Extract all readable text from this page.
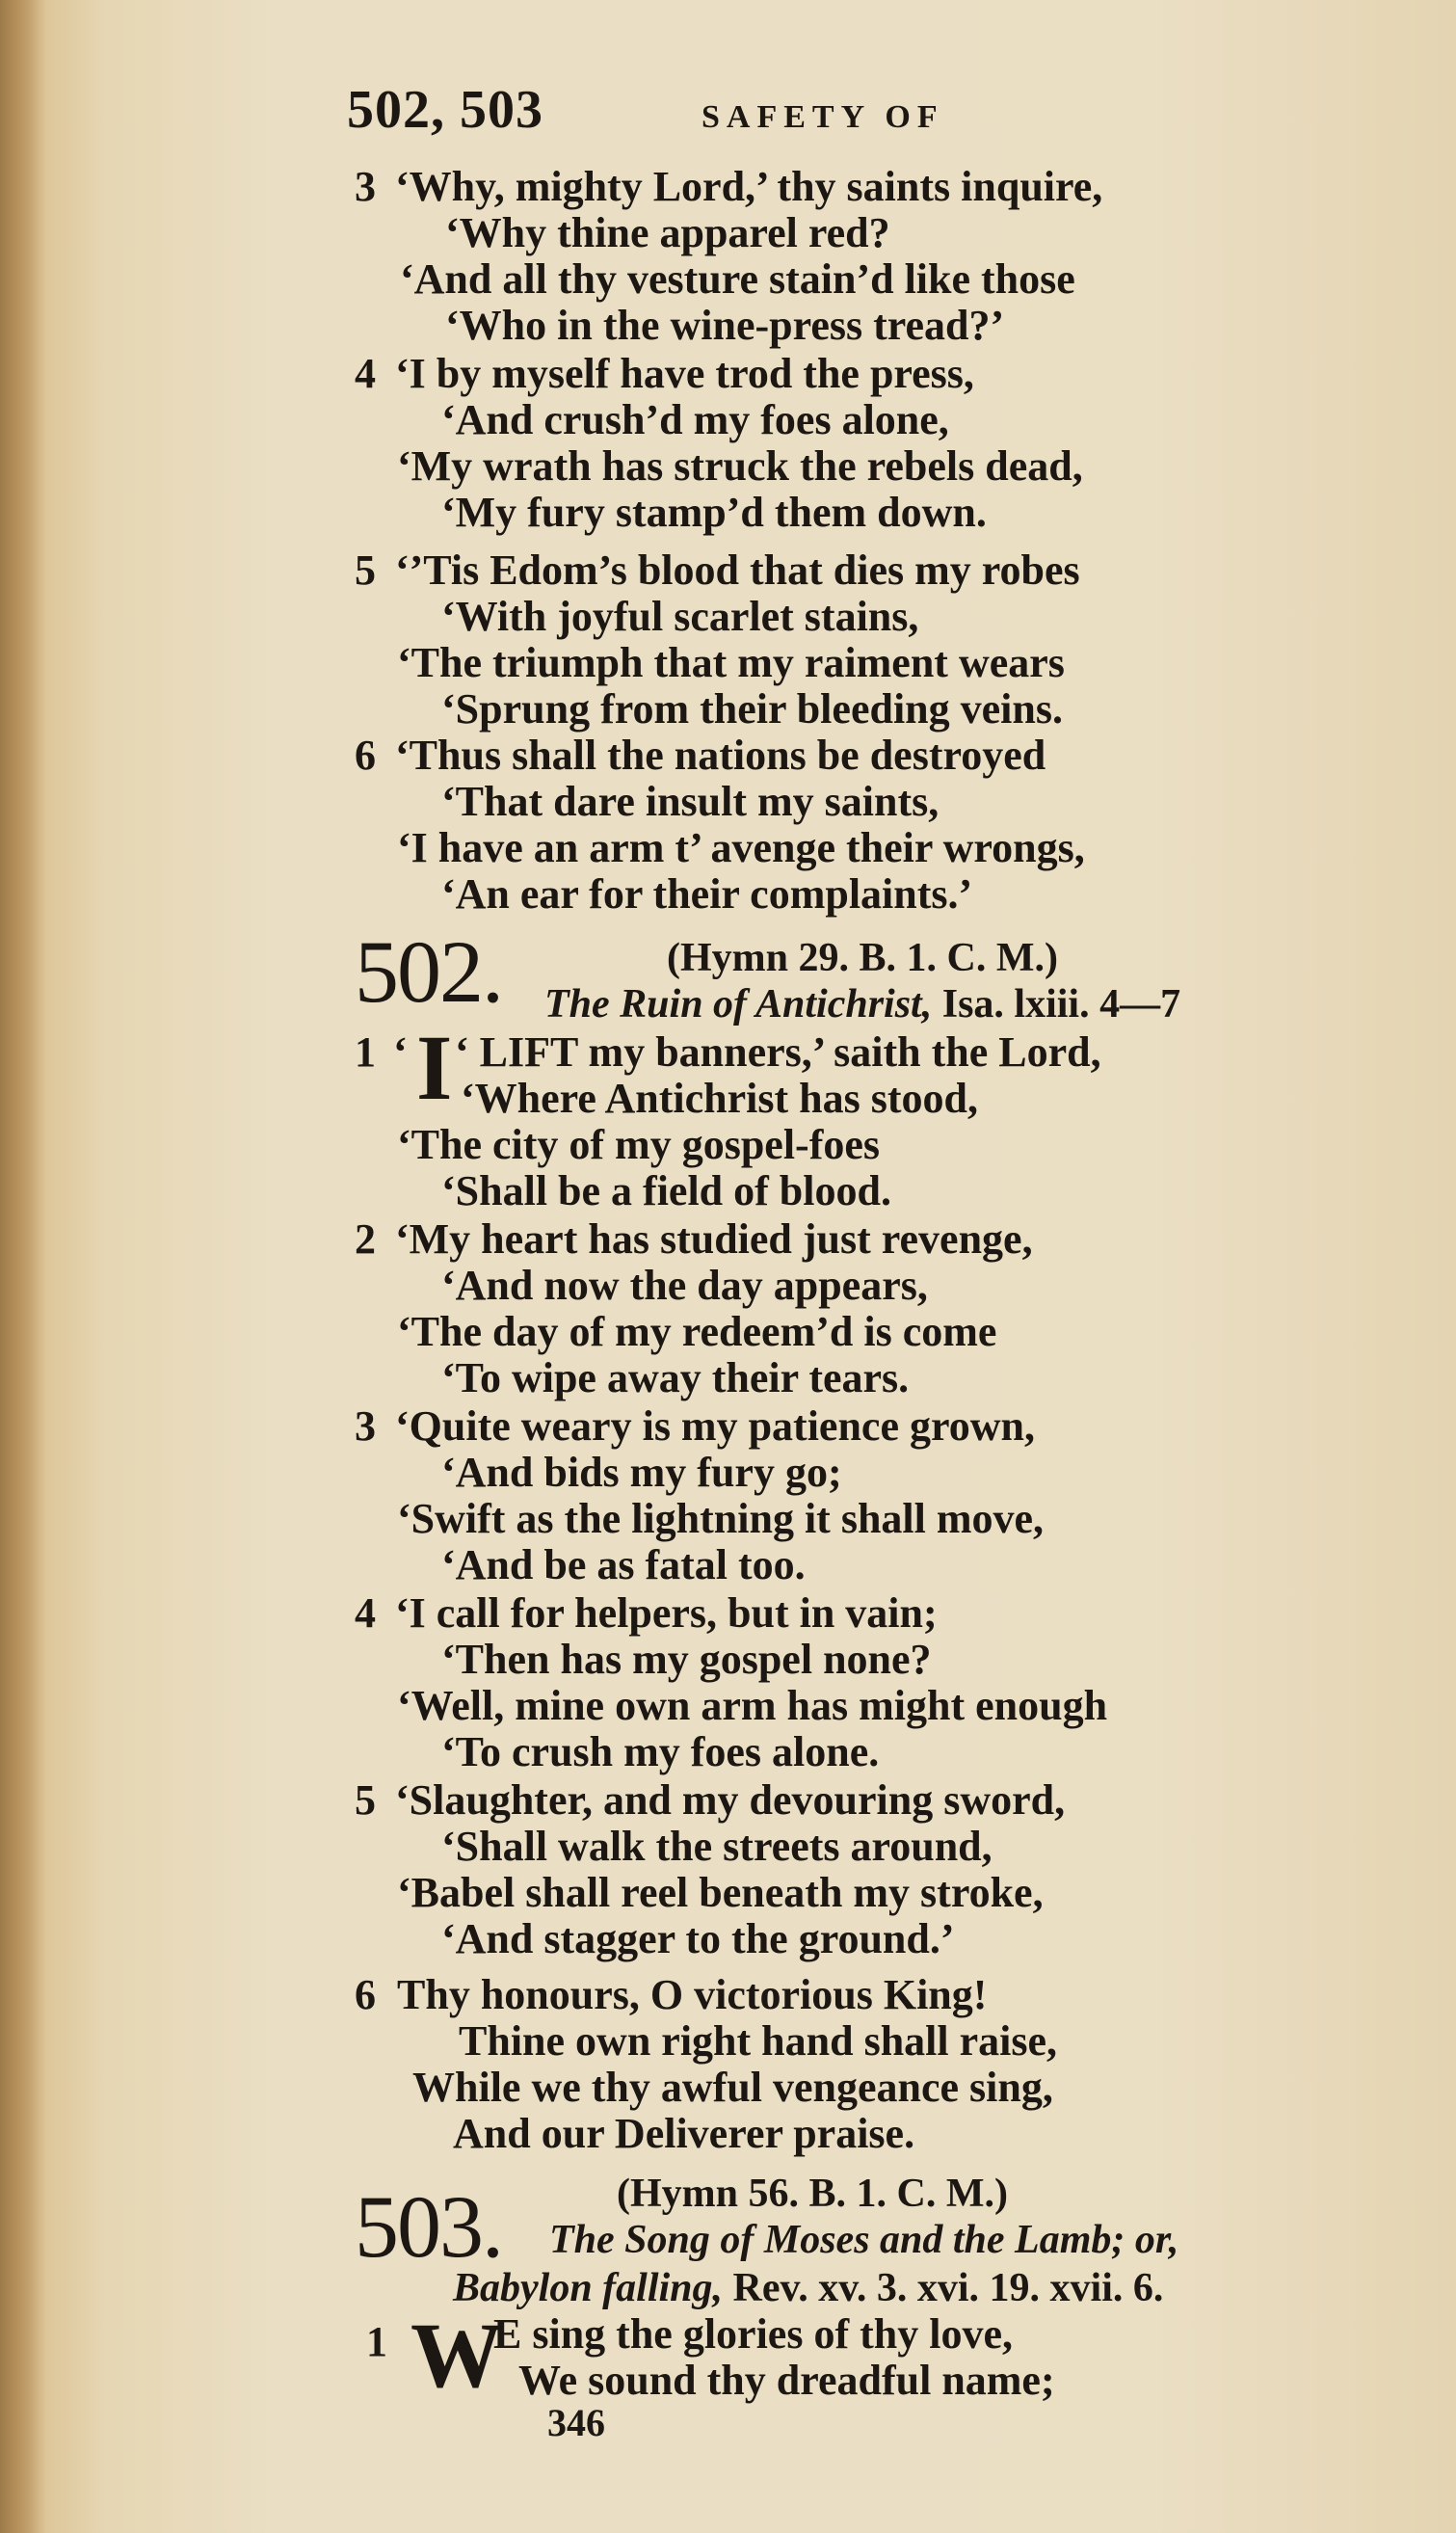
502, 503	SAFETY OF
3 ‘Why, mighty Lord,’ thy saints inquire,
‘Why thine apparel red?
‘And all thy vesture stain’d like those
‘Who in the wine-press tread?’
4 ‘I by myself have trod the press,
‘And crush’d my foes alone,
‘My wrath has struck the rebels dead,
‘My fury stamp’d them down.
5 ‘’Tis Edom’s blood that dies my robes
‘With joyful scarlet stains,
‘The triumph that my raiment wears
‘Sprung from their bleeding veins.
6 ‘Thus shall the nations be destroyed
‘That dare insult my saints,
‘I have an arm t’ avenge their wrongs,
‘An ear for their complaints.’
502.	(Hymn 29. B. 1. C. M.)
The Ruin of Antichrist, Isa. lxiii. 4—7
1 ‘ I ‘ LIFT my banners,’ saith the Lord,
‘Where Antichrist has stood,
‘The city of my gospel-foes
‘Shall be a field of blood.
2 ‘My heart has studied just revenge,
‘And now the day appears,
‘The day of my redeem’d is come
‘To wipe away their tears.
3 ‘Quite weary is my patience grown,
‘And bids my fury go;
‘Swift as the lightning it shall move,
‘And be as fatal too.
4 ‘I call for helpers, but in vain;
‘Then has my gospel none?
‘Well, mine own arm has might enough
‘To crush my foes alone.
5 ‘Slaughter, and my devouring sword,
‘Shall walk the streets around,
‘Babel shall reel beneath my stroke,
‘And stagger to the ground.’
6 Thy honours, O victorious King!
Thine own right hand shall raise,
While we thy awful vengeance sing,
And our Deliverer praise.
503.	(Hymn 56. B. 1. C. M.)
The Song of Moses and the Lamb; or,
Babylon falling, Rev. xv. 3. xvi. 19. xvii. 6.
1 W
E sing the glories of thy love,
We sound thy dreadful name;
346
